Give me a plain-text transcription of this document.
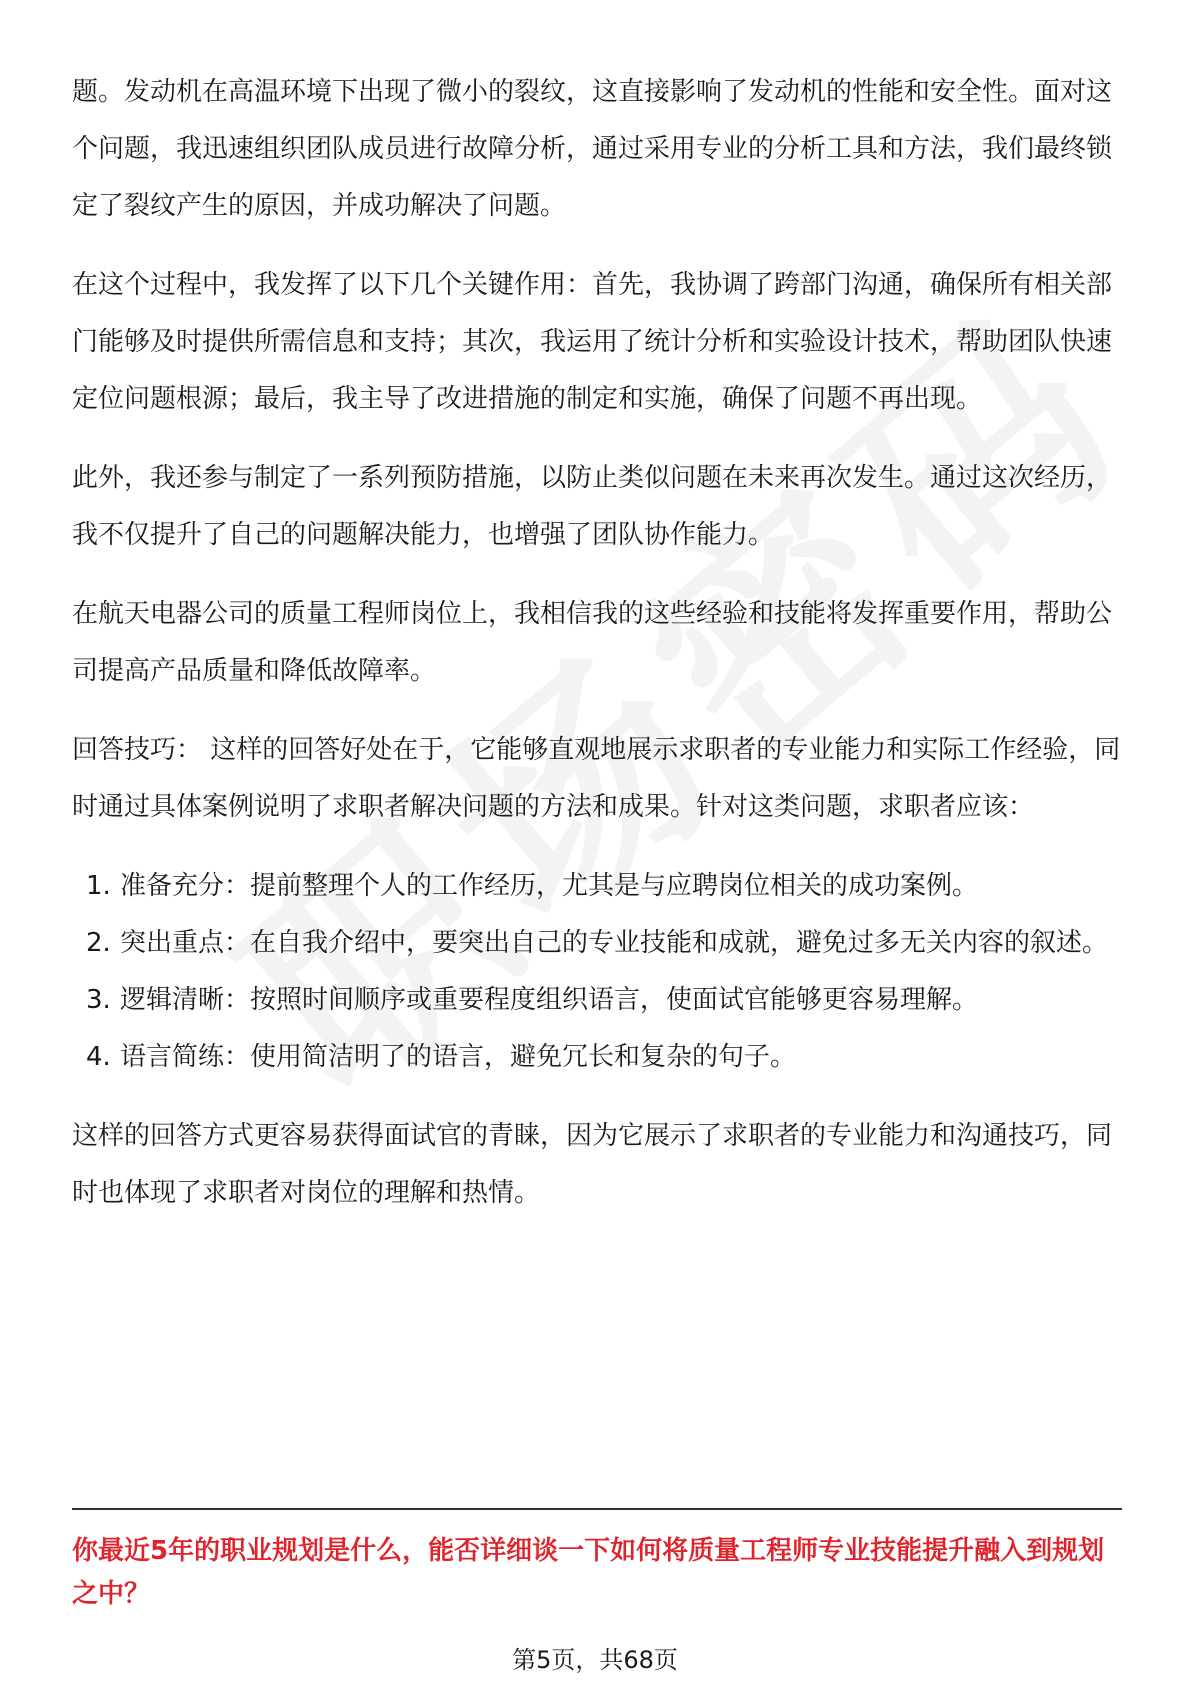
题。发动机在高温环境下出现了微小的裂纹，这直接影响了发动机的性能和安全性。面对这个问题，我迅速组织团队成员进行故障分析，通过采用专业的分析工具和方法，我们最终锁定了裂纹产生的原因，并成功解决了问题。

在这个过程中，我发挥了以下几个关键作用：首先，我协调了跨部门沟通，确保所有相关部门能够及时提供所需信息和支持；其次，我运用了统计分析和实验设计技术，帮助团队快速定位问题根源；最后，我主导了改进措施的制定和实施，确保了问题不再出现。

此外，我还参与制定了一系列预防措施，以防止类似问题在未来再次发生。通过这次经历，我不仅提升了自己的问题解决能力，也增强了团队协作能力。

在航天电器公司的质量工程师岗位上，我相信我的这些经验和技能将发挥重要作用，帮助公司提高产品质量和降低故障率。

回答技巧： 这样的回答好处在于，它能够直观地展示求职者的专业能力和实际工作经验，同时通过具体案例说明了求职者解决问题的方法和成果。针对这类问题，求职者应该：

1. 准备充分：提前整理个人的工作经历，尤其是与应聘岗位相关的成功案例。
2. 突出重点：在自我介绍中，要突出自己的专业技能和成就，避免过多无关内容的叙述。
3. 逻辑清晰：按照时间顺序或重要程度组织语言，使面试官能够更容易理解。
4. 语言简练：使用简洁明了的语言，避免冗长和复杂的句子。

这样的回答方式更容易获得面试官的青睐，因为它展示了求职者的专业能力和沟通技巧，同时也体现了求职者对岗位的理解和热情。

你最近5年的职业规划是什么，能否详细谈一下如何将质量工程师专业技能提升融入到规划之中？
第5页，共68页
